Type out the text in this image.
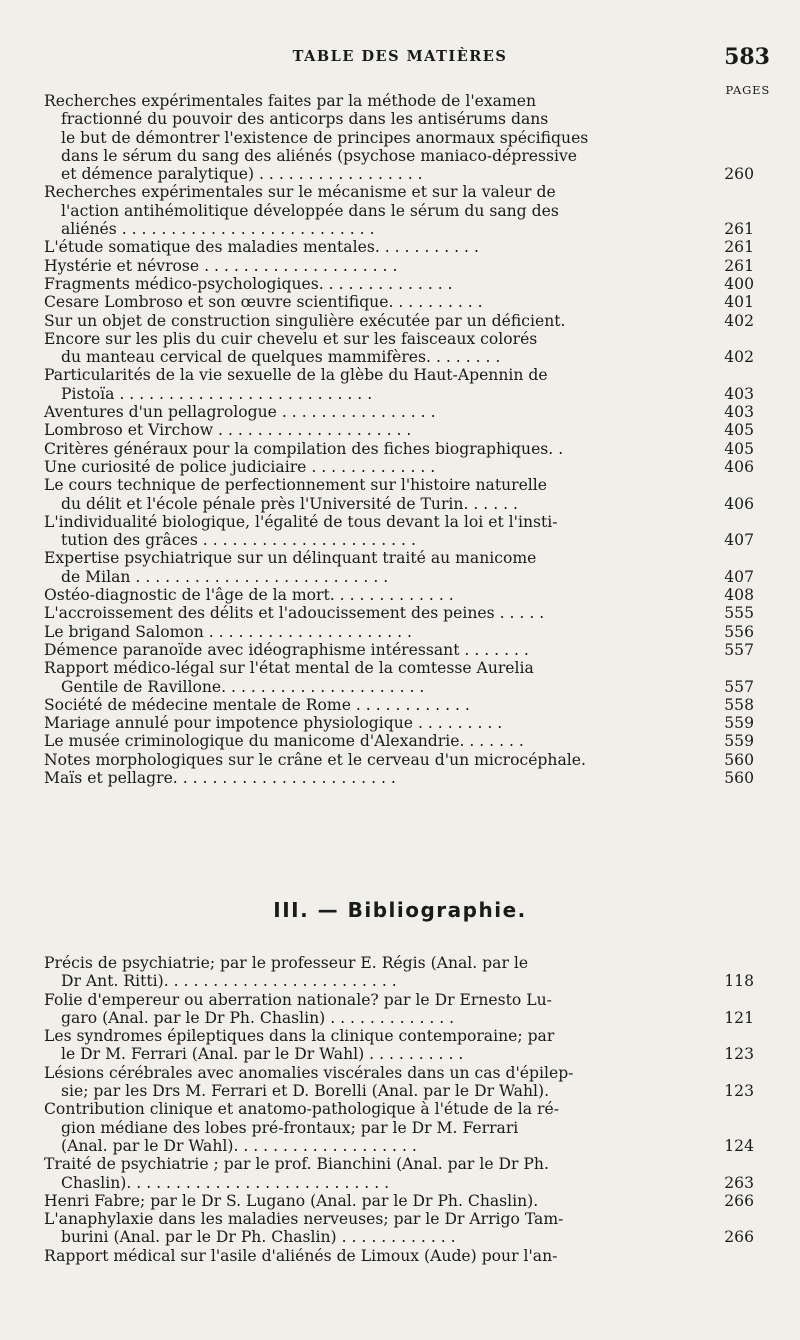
TABLE DES MATIÈRES	583
PAGES
Recherches expérimentales faites par la méthode de l'examen
fractionné du pouvoir des anticorps dans les antisérums dans
le but de démontrer l'existence de principes anormaux spécifiques
dans le sérum du sang des aliénés (psychose maniaco-dépressive
et démence paralytique) . . . . . . . . . . . . . . . . .	260
Recherches expérimentales sur le mécanisme et sur la valeur de
l'action antihémolitique développée dans le sérum du sang des
aliénés . . . . . . . . . . . . . . . . . . . . . . . . . .	261
L'étude somatique des maladies mentales. . . . . . . . . . .	261
Hystérie et névrose . . . . . . . . . . . . . . . . . . . .	261
Fragments médico-psychologiques. . . . . . . . . . . . . .	400
Cesare Lombroso et son œuvre scientifique. . . . . . . . . .	401
Sur un objet de construction singulière exécutée par un déficient.	402
Encore sur les plis du cuir chevelu et sur les faisceaux colorés
du manteau cervical de quelques mammifères. . . . . . . .	402
Particularités de la vie sexuelle de la glèbe du Haut-Apennin de
Pistoïa . . . . . . . . . . . . . . . . . . . . . . . . . .	403
Aventures d'un pellagrologue . . . . . . . . . . . . . . . .	403
Lombroso et Virchow . . . . . . . . . . . . . . . . . . . .	405
Critères généraux pour la compilation des fiches biographiques. .	405
Une curiosité de police judiciaire . . . . . . . . . . . . .	406
Le cours technique de perfectionnement sur l'histoire naturelle
du délit et l'école pénale près l'Université de Turin. . . . . .	406
L'individualité biologique, l'égalité de tous devant la loi et l'insti-
tution des grâces . . . . . . . . . . . . . . . . . . . . . .	407
Expertise psychiatrique sur un délinquant traité au manicome
de Milan . . . . . . . . . . . . . . . . . . . . . . . . . .	407
Ostéo-diagnostic de l'âge de la mort. . . . . . . . . . . . .	408
L'accroissement des délits et l'adoucissement des peines . . . . .	555
Le brigand Salomon . . . . . . . . . . . . . . . . . . . . .	556
Démence paranoïde avec idéographisme intéressant . . . . . . .	557
Rapport médico-légal sur l'état mental de la comtesse Aurelia
Gentile de Ravillone. . . . . . . . . . . . . . . . . . . . .	557
Société de médecine mentale de Rome . . . . . . . . . . . .	558
Mariage annulé pour impotence physiologique . . . . . . . . .	559
Le musée criminologique du manicome d'Alexandrie. . . . . . .	559
Notes morphologiques sur le crâne et le cerveau d'un microcéphale.	560
Maïs et pellagre. . . . . . . . . . . . . . . . . . . . . . .	560
III. — Bibliographie.
Précis de psychiatrie; par le professeur E. Régis (Anal. par le
Dr Ant. Ritti). . . . . . . . . . . . . . . . . . . . . . . .	118
Folie d'empereur ou aberration nationale? par le Dr Ernesto Lu-
garo (Anal. par le Dr Ph. Chaslin) . . . . . . . . . . . . .	121
Les syndromes épileptiques dans la clinique contemporaine; par
le Dr M. Ferrari (Anal. par le Dr Wahl) . . . . . . . . . .	123
Lésions cérébrales avec anomalies viscérales dans un cas d'épilep-
sie; par les Drs M. Ferrari et D. Borelli (Anal. par le Dr Wahl).	123
Contribution clinique et anatomo-pathologique à l'étude de la ré-
gion médiane des lobes pré-frontaux; par le Dr M. Ferrari
(Anal. par le Dr Wahl). . . . . . . . . . . . . . . . . . .	124
Traité de psychiatrie ; par le prof. Bianchini (Anal. par le Dr Ph.
Chaslin). . . . . . . . . . . . . . . . . . . . . . . . . . .	263
Henri Fabre; par le Dr S. Lugano (Anal. par le Dr Ph. Chaslin).	266
L'anaphylaxie dans les maladies nerveuses; par le Dr Arrigo Tam-
burini (Anal. par le Dr Ph. Chaslin) . . . . . . . . . . . .	266
Rapport médical sur l'asile d'aliénés de Limoux (Aude) pour l'an-
